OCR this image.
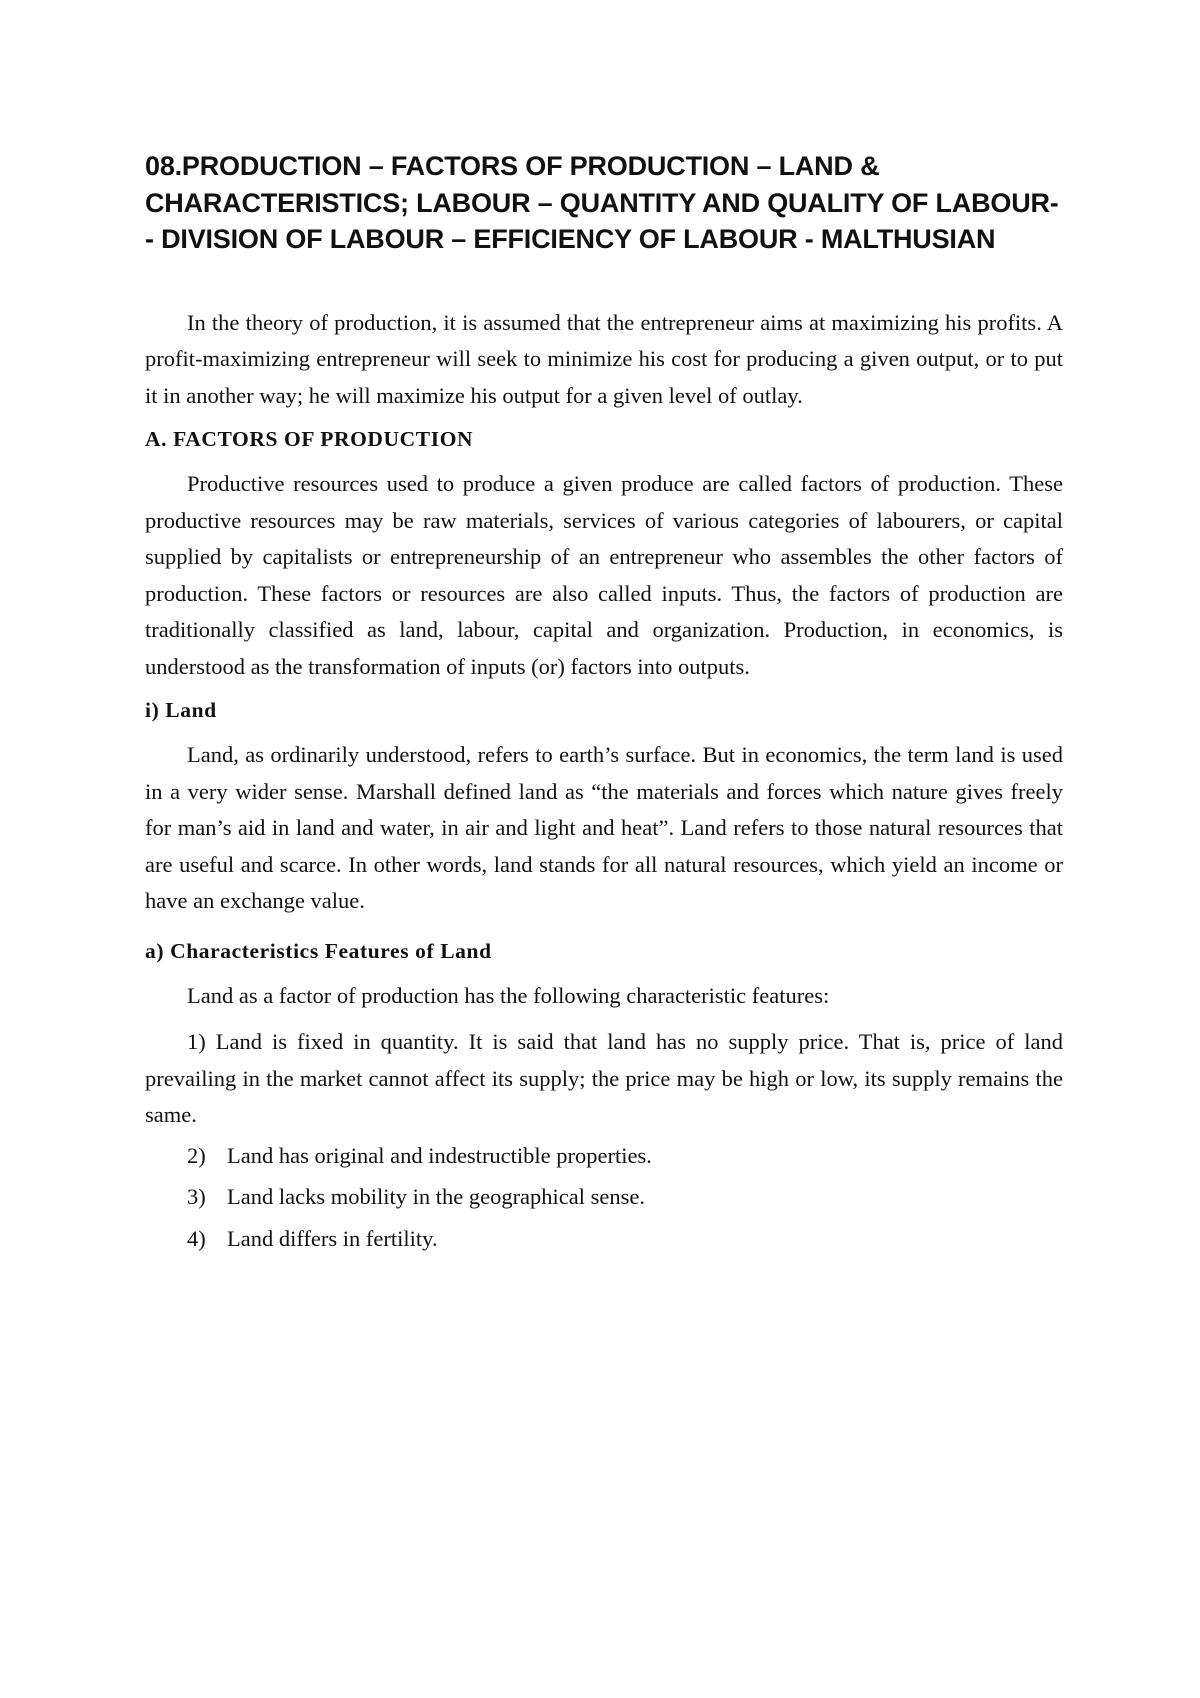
08.PRODUCTION – FACTORS OF PRODUCTION – LAND & CHARACTERISTICS; LABOUR – QUANTITY AND QUALITY OF LABOUR- - DIVISION OF LABOUR – EFFICIENCY OF LABOUR - MALTHUSIAN

In the theory of production, it is assumed that the entrepreneur aims at maximizing his profits. A profit-maximizing entrepreneur will seek to minimize his cost for producing a given output, or to put it in another way; he will maximize his output for a given level of outlay.

A. FACTORS OF PRODUCTION

Productive resources used to produce a given produce are called factors of production. These productive resources may be raw materials, services of various categories of labourers, or capital supplied by capitalists or entrepreneurship of an entrepreneur who assembles the other factors of production. These factors or resources are also called inputs. Thus, the factors of production are traditionally classified as land, labour, capital and organization. Production, in economics, is understood as the transformation of inputs (or) factors into outputs.

i) Land

Land, as ordinarily understood, refers to earth’s surface. But in economics, the term land is used in a very wider sense. Marshall defined land as “the materials and forces which nature gives freely for man’s aid in land and water, in air and light and heat”. Land refers to those natural resources that are useful and scarce. In other words, land stands for all natural resources, which yield an income or have an exchange value.

a) Characteristics Features of Land

Land as a factor of production has the following characteristic features:

1) Land is fixed in quantity. It is said that land has no supply price. That is, price of land prevailing in the market cannot affect its supply; the price may be high or low, its supply remains the same.

2) Land has original and indestructible properties.
3) Land lacks mobility in the geographical sense.
4) Land differs in fertility.
